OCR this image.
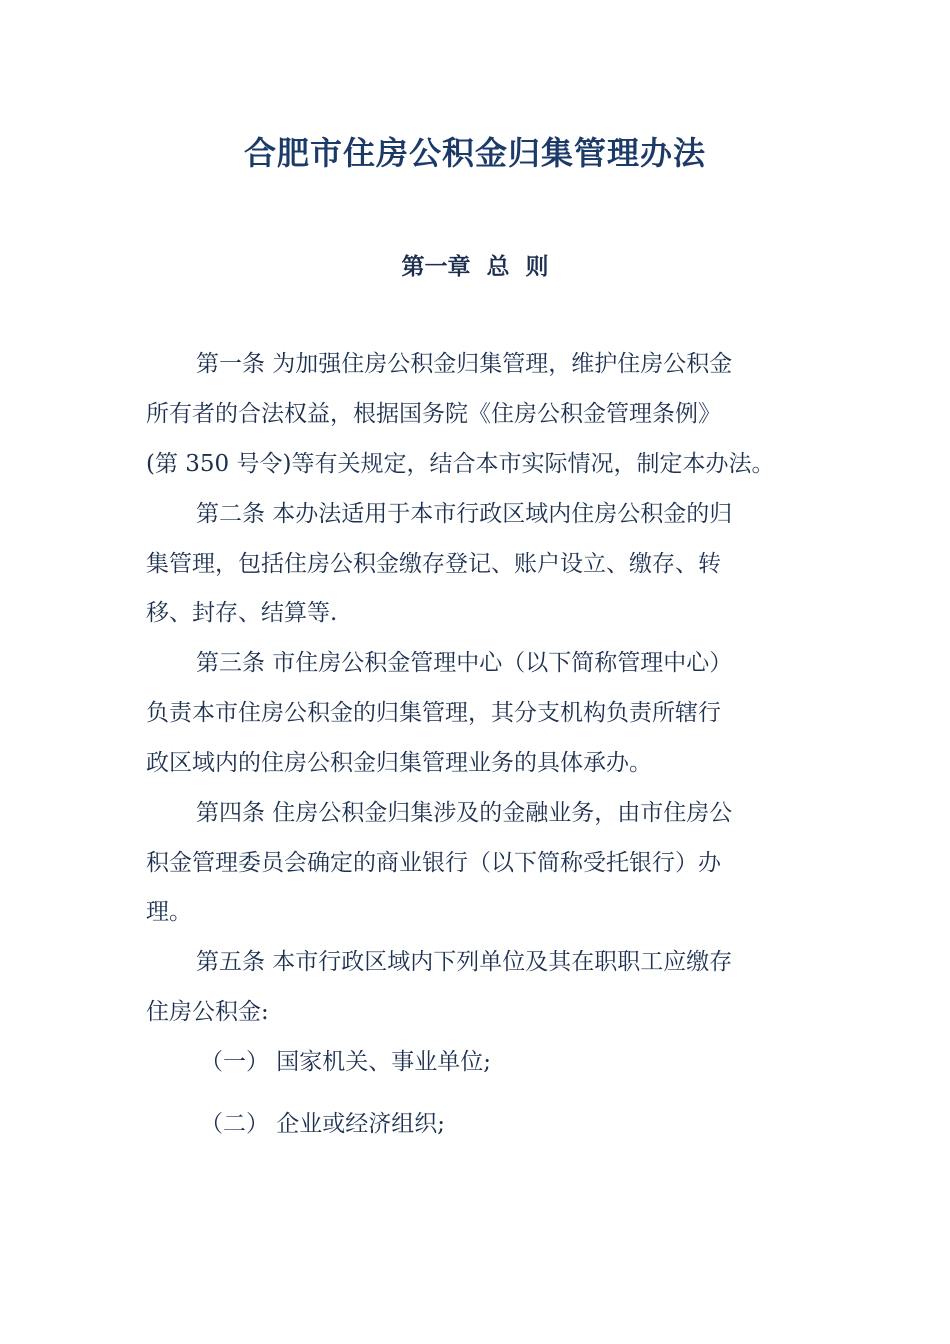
合肥市住房公积金归集管理办法
第一章  总  则

第一条 为加强住房公积金归集管理，维护住房公积金

所有者的合法权益，根据国务院《住房公积金管理条例》

(第 350 号令)等有关规定，结合本市实际情况，制定本办法。

第二条 本办法适用于本市行政区域内住房公积金的归

集管理，包括住房公积金缴存登记、账户设立、缴存、转

移、封存、结算等.

第三条 市住房公积金管理中心（以下简称管理中心）

负责本市住房公积金的归集管理，其分支机构负责所辖行

政区域内的住房公积金归集管理业务的具体承办。

第四条 住房公积金归集涉及的金融业务，由市住房公

积金管理委员会确定的商业银行（以下简称受托银行）办

理。

第五条 本市行政区域内下列单位及其在职职工应缴存

住房公积金:

（一） 国家机关、事业单位;

（二） 企业或经济组织;
